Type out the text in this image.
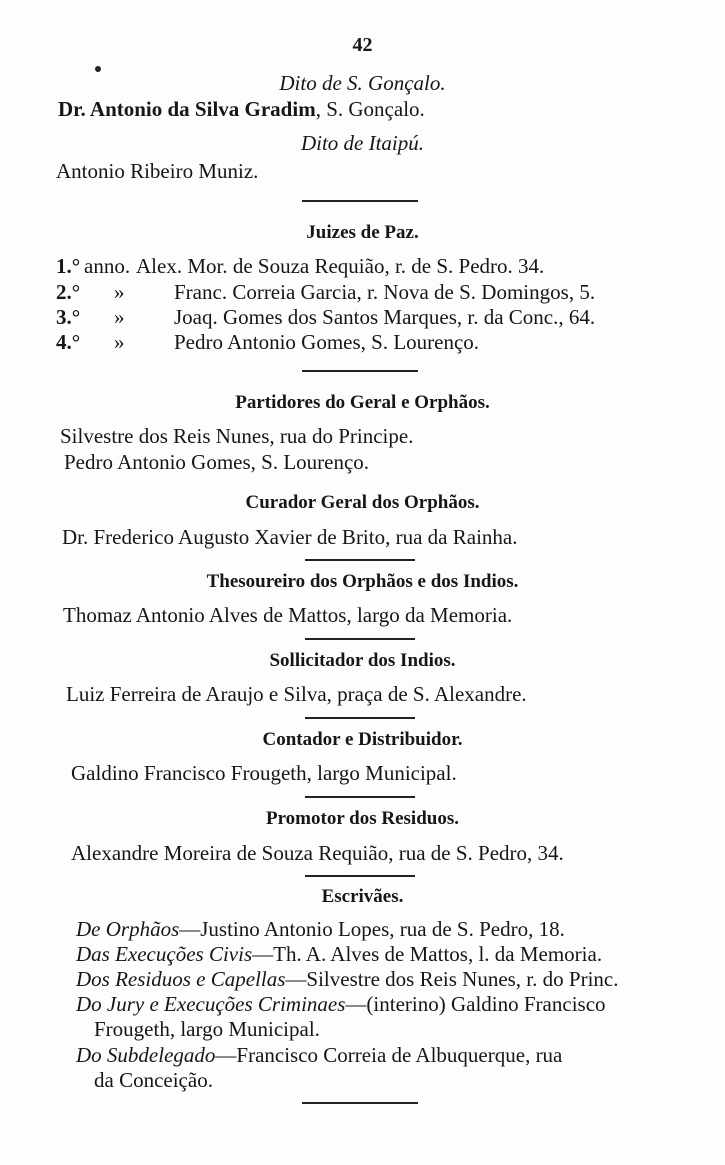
42
Dito de S. Gonçalo.
Dr. Antonio da Silva Gradim, S. Gonçalo.
Dito de Itaipú.
Antonio Ribeiro Muniz.
Juizes de Paz.
1.° anno. Alex. Mor. de Souza Requião, r. de S. Pedro. 34.
2.° » Franc. Correia Garcia, r. Nova de S. Domingos, 5.
3.° » Joaq. Gomes dos Santos Marques, r. da Conc., 64.
4.° » Pedro Antonio Gomes, S. Lourenço.
Partidores do Geral e Orphãos.
Silvestre dos Reis Nunes, rua do Principe.
Pedro Antonio Gomes, S. Lourenço.
Curador Geral dos Orphãos.
Dr. Frederico Augusto Xavier de Brito, rua da Rainha.
Thesoureiro dos Orphãos e dos Indios.
Thomaz Antonio Alves de Mattos, largo da Memoria.
Sollicitador dos Indios.
Luiz Ferreira de Araujo e Silva, praça de S. Alexandre.
Contador e Distribuidor.
Galdino Francisco Frougeth, largo Municipal.
Promotor dos Residuos.
Alexandre Moreira de Souza Requião, rua de S. Pedro, 34.
Escrivães.
De Orphãos—Justino Antonio Lopes, rua de S. Pedro, 18.
Das Execuções Civis—Th. A. Alves de Mattos, l. da Memoria.
Dos Residuos e Capellas—Silvestre dos Reis Nunes, r. do Princ.
Do Jury e Execuções Criminaes—(interino) Galdino Francisco
Frougeth, largo Municipal.
Do Subdelegado—Francisco Correia de Albuquerque, rua
da Conceição.
